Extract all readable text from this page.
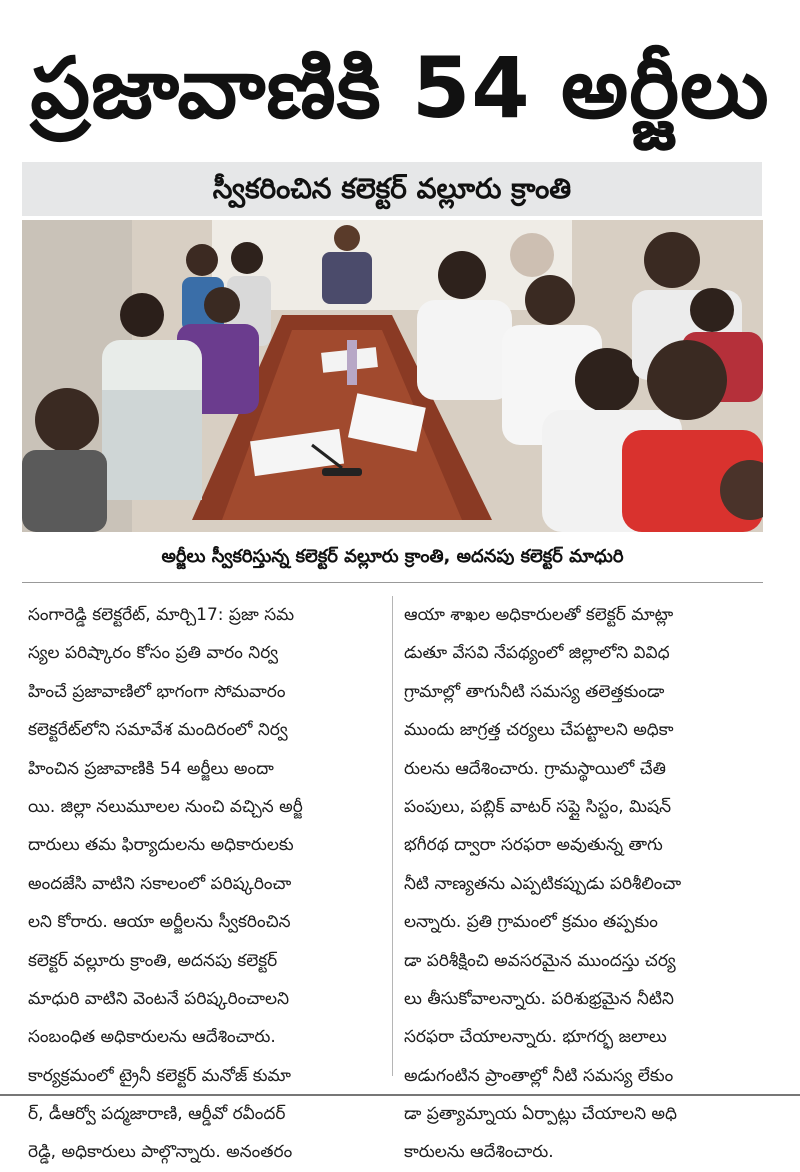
ప్రజావాణికి 54 అర్జీలు
స్వీకరించిన కలెక్టర్ వల్లూరు క్రాంతి
అర్జీలు స్వీకరిస్తున్న కలెక్టర్ వల్లూరు క్రాంతి, అదనపు కలెక్టర్ మాధురి
సంగారెడ్డి కలెక్టరేట్, మార్చి17: ప్రజా సమ
స్యల పరిష్కారం కోసం ప్రతి వారం నిర్వ
హించే ప్రజావాణిలో భాగంగా సోమవారం
కలెక్టరేట్‌లోని సమావేశ మందిరంలో నిర్వ
హించిన ప్రజావాణికి 54 అర్జీలు అందా
యి. జిల్లా నలుమూలల నుంచి వచ్చిన అర్జీ
దారులు తమ ఫిర్యాదులను అధికారులకు
అందజేసి వాటిని సకాలంలో పరిష్కరించా
లని కోరారు. ఆయా అర్జీలను స్వీకరించిన
కలెక్టర్ వల్లూరు క్రాంతి, అదనపు కలెక్టర్
మాధురి వాటిని వెంటనే పరిష్కరించాలని
సంబంధిత అధికారులను ఆదేశించారు.
కార్యక్రమంలో ట్రైనీ కలెక్టర్ మనోజ్ కుమా
ర్, డీఆర్వో పద్మజారాణి, ఆర్డీవో రవీందర్
రెడ్డి, అధికారులు పాల్గొన్నారు. అనంతరం
ఆయా శాఖల అధికారులతో కలెక్టర్ మాట్లా
డుతూ వేసవి నేపథ్యంలో జిల్లాలోని వివిధ
గ్రామాల్లో తాగునీటి సమస్య తలెత్తకుండా
ముందు జాగ్రత్త చర్యలు చేపట్టాలని అధికా
రులను ఆదేశించారు. గ్రామస్థాయిలో చేతి
పంపులు, పబ్లిక్ వాటర్ సప్లై సిస్టం, మిషన్
భగీరథ ద్వారా సరఫరా అవుతున్న తాగు
నీటి నాణ్యతను ఎప్పటికప్పుడు పరిశీలించా
లన్నారు. ప్రతి గ్రామంలో క్రమం తప్పకుం
డా పరిశీక్షించి అవసరమైన ముందస్తు చర్య
లు తీసుకోవాలన్నారు. పరిశుభ్రమైన నీటిని
సరఫరా చేయాలన్నారు. భూగర్భ జలాలు
అడుగంటిన ప్రాంతాల్లో నీటి సమస్య లేకుం
డా ప్రత్యామ్నాయ ఏర్పాట్లు చేయాలని అధి
కారులను ఆదేశించారు.
